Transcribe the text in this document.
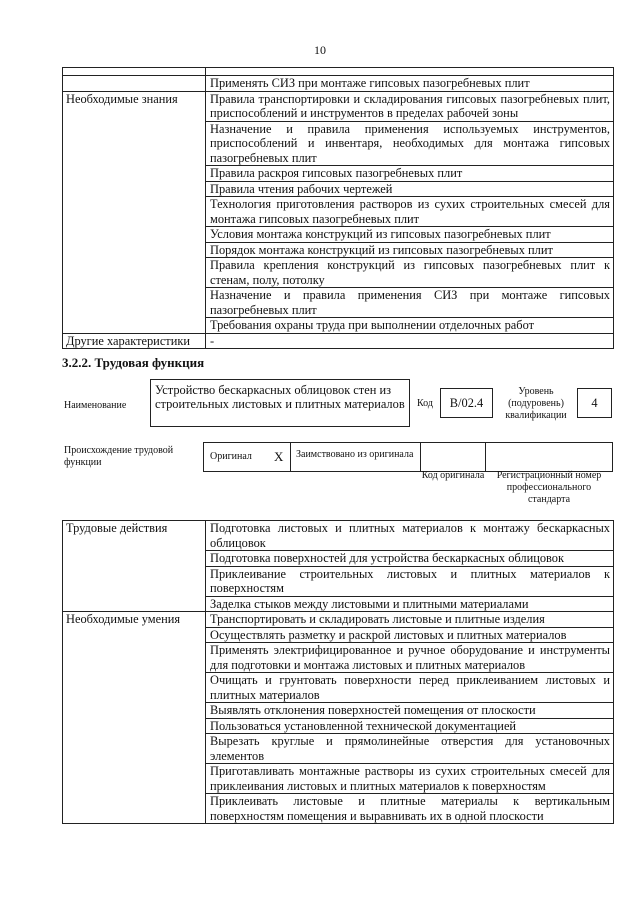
10

	Применять СИЗ при монтаже гипсовых пазогребневых плит
Необходимые знания	Правила транспортировки и складирования гипсовых пазогребневых плит, приспособлений и инструментов в пределах рабочей зоны
	Назначение и правила применения используемых инструментов, приспособлений и инвентаря, необходимых для монтажа гипсовых пазогребневых плит
	Правила раскроя гипсовых пазогребневых плит
	Правила чтения рабочих чертежей
	Технология приготовления растворов из сухих строительных смесей для монтажа гипсовых пазогребневых плит
	Условия монтажа конструкций из гипсовых пазогребневых плит
	Порядок монтажа конструкций из гипсовых пазогребневых плит
	Правила крепления конструкций из гипсовых пазогребневых плит к стенам, полу, потолку
	Назначение и правила применения СИЗ при монтаже гипсовых пазогребневых плит
	Требования охраны труда при выполнении отделочных работ
Другие характеристики	-
3.2.2. Трудовая функция
Наименование
Устройство бескаркасных облицовок стен из строительных листовых и плитных материалов	Код	В/02.4
Уровень (подуровень) квалификации
4
Происхождение трудовой функции
Оригинал X	Заимствовано из оригинала
Код оригинала	Регистрационный номер профессионального стандарта
Трудовые действия	Подготовка листовых и плитных материалов к монтажу бескаркасных облицовок
	Подготовка поверхностей для устройства бескаркасных облицовок
	Приклеивание строительных листовых и плитных материалов к поверхностям
	Заделка стыков между листовыми и плитными материалами
Необходимые умения	Транспортировать и складировать листовые и плитные изделия
	Осуществлять разметку и раскрой листовых и плитных материалов
	Применять электрифицированное и ручное оборудование и инструменты для подготовки и монтажа листовых и плитных материалов
	Очищать и грунтовать поверхности перед приклеиванием листовых и плитных материалов
	Выявлять отклонения поверхностей помещения от плоскости
	Пользоваться установленной технической документацией
	Вырезать круглые и прямолинейные отверстия для установочных элементов
	Приготавливать монтажные растворы из сухих строительных смесей для приклеивания листовых и плитных материалов к поверхностям
	Приклеивать листовые и плитные материалы к вертикальным поверхностям помещения и выравнивать их в одной плоскости
